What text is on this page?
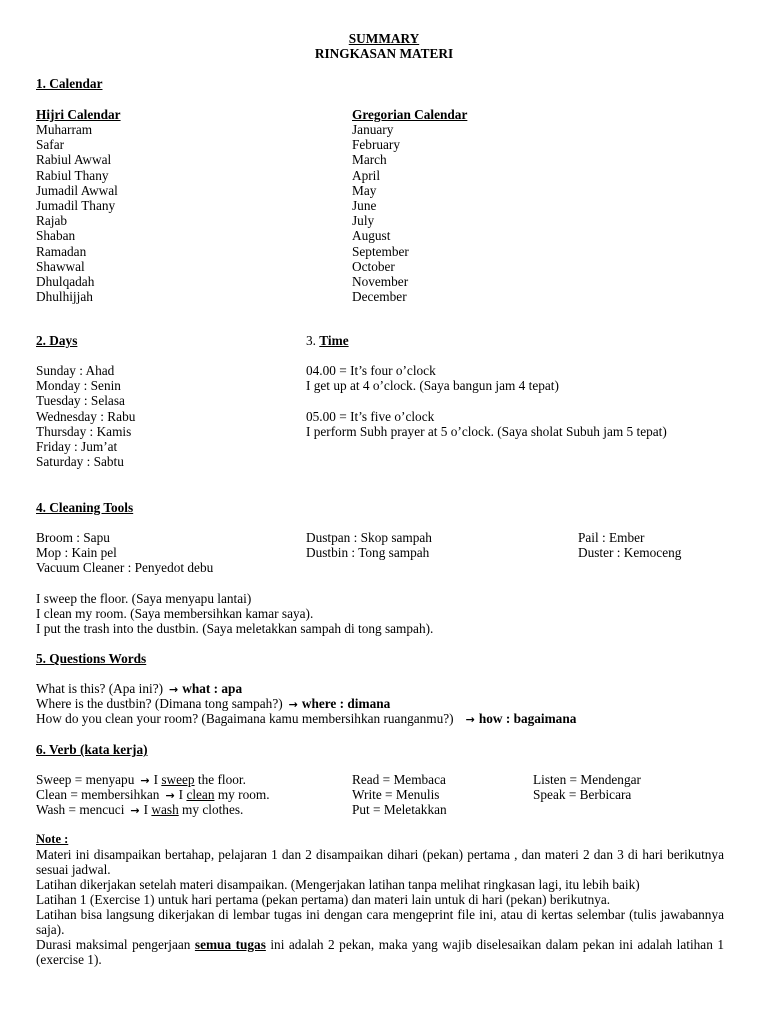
SUMMARY
RINGKASAN MATERI
1. Calendar
Hijri Calendar	Gregorian Calendar
Muharram
Safar
Rabiul Awwal
Rabiul Thany
Jumadil Awwal
Jumadil Thany
Rajab
Shaban
Ramadan
Shawwal
Dhulqadah
Dhulhijjah
January
February
March
April
May
June
July
August
September
October
November
December
2. Days
Sunday : Ahad
Monday : Senin
Tuesday : Selasa
Wednesday : Rabu
Thursday : Kamis
Friday : Jum’at
Saturday : Sabtu
3. Time
04.00 = It’s four o’clock
I get up at 4 o’clock. (Saya bangun jam 4 tepat)
05.00 = It’s five o’clock
I perform Subh prayer at 5 o’clock. (Saya sholat Subuh jam 5 tepat)
4. Cleaning Tools
Broom : Sapu
Mop : Kain pel
Vacuum Cleaner : Penyedot debu
Dustpan : Skop sampah
Dustbin : Tong sampah
Pail : Ember
Duster : Kemoceng
I sweep the floor. (Saya menyapu lantai)
I clean my room. (Saya membersihkan kamar saya).
I put the trash into the dustbin. (Saya meletakkan sampah di tong sampah).
5. Questions Words
What is this? (Apa ini?) → what : apa
Where is the dustbin? (Dimana tong sampah?) → where : dimana
How do you clean your room? (Bagaimana kamu membersihkan ruanganmu?) → how : bagaimana
6. Verb (kata kerja)
Sweep = menyapu → I sweep the floor.
Clean = membersihkan → I clean my room.
Wash = mencuci → I wash my clothes.
Read = Membaca
Write = Menulis
Put = Meletakkan
Listen = Mendengar
Speak = Berbicara
Note :

Materi ini disampaikan bertahap, pelajaran 1 dan 2 disampaikan dihari (pekan) pertama , dan materi 2 dan 3 di hari berikutnya sesuai jadwal.

Latihan dikerjakan setelah materi disampaikan. (Mengerjakan latihan tanpa melihat ringkasan lagi, itu lebih baik)

Latihan 1 (Exercise 1) untuk hari pertama (pekan pertama) dan materi lain untuk di hari (pekan) berikutnya.

Latihan bisa langsung dikerjakan di lembar tugas ini dengan cara mengeprint file ini, atau di kertas selembar (tulis jawabannya saja).

Durasi maksimal pengerjaan semua tugas ini adalah 2 pekan, maka yang wajib diselesaikan dalam pekan ini adalah latihan 1 (exercise 1).
